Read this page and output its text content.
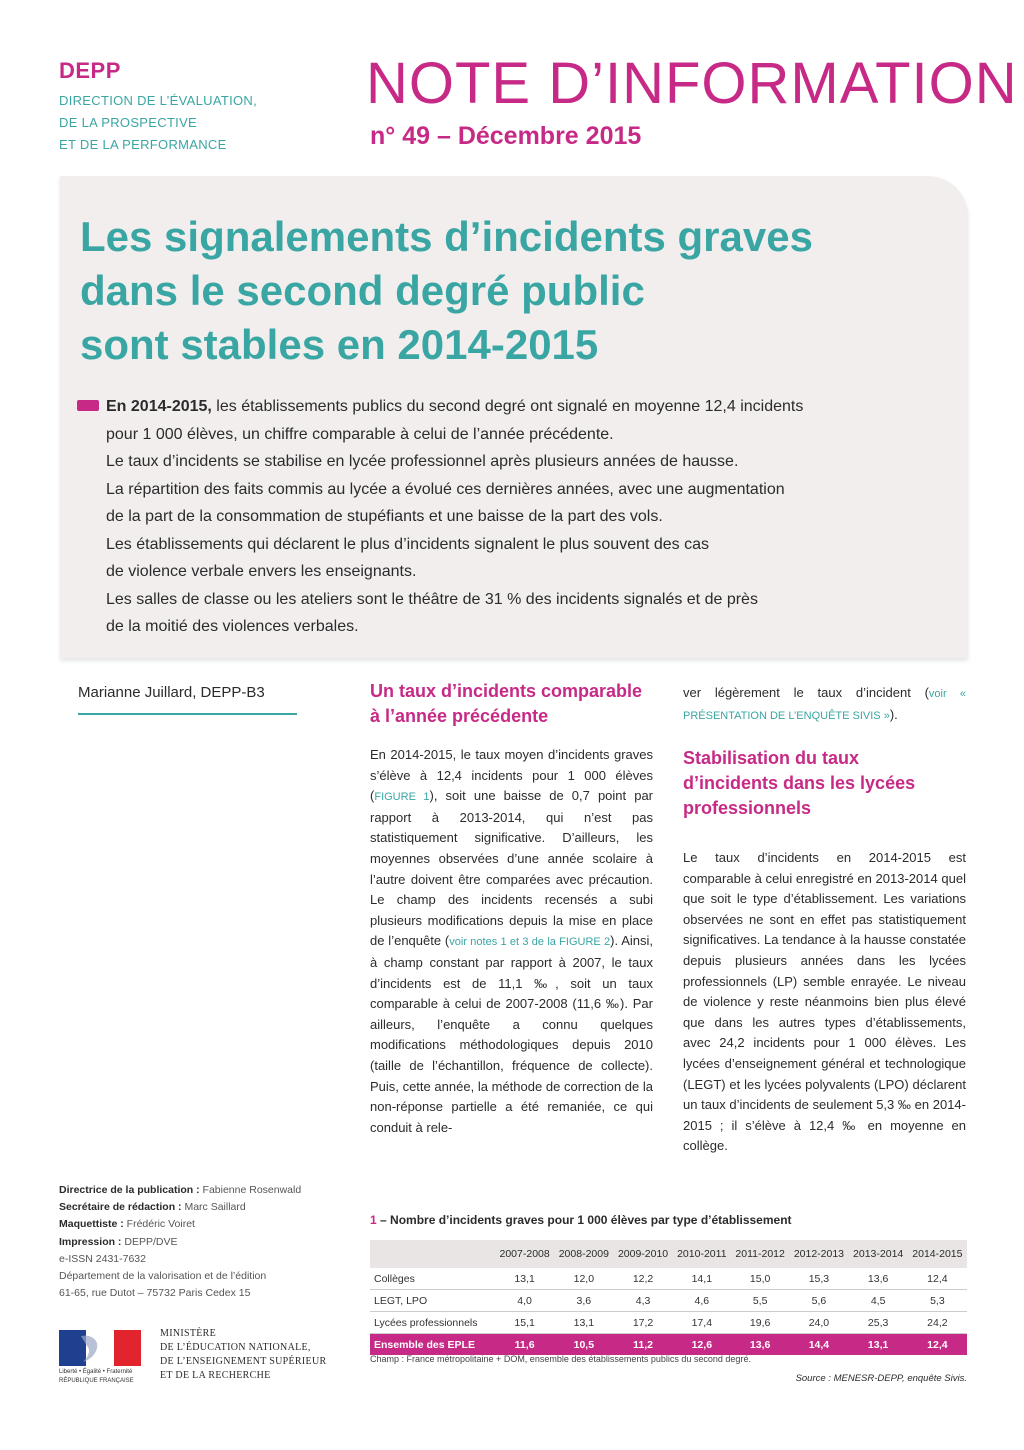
DEPP
DIRECTION DE L’ÉVALUATION,
DE LA PROSPECTIVE
ET DE LA PERFORMANCE
NOTE D’INFORMATION
n° 49 – Décembre 2015
Les signalements d’incidents graves
dans le second degré public
sont stables en 2014-2015

En 2014-2015, les établissements publics du second degré ont signalé en moyenne 12,4 incidents

pour 1 000 élèves, un chiffre comparable à celui de l’année précédente.

Le taux d’incidents se stabilise en lycée professionnel après plusieurs années de hausse.

La répartition des faits commis au lycée a évolué ces dernières années, avec une augmentation

de la part de la consommation de stupéfiants et une baisse de la part des vols.

Les établissements qui déclarent le plus d’incidents signalent le plus souvent des cas

de violence verbale envers les enseignants.

Les salles de classe ou les ateliers sont le théâtre de 31 % des incidents signalés et de près

de la moitié des violences verbales.

Marianne Juillard, DEPP-B3	Un taux d’incidents comparable
à l’année précédente
En 2014-2015, le taux moyen d’incidents graves s’élève à 12,4 incidents pour 1 000 élèves (FIGURE 1), soit une baisse de 0,7 point par rapport à 2013-2014, qui n’est pas statistiquement significative. D’ailleurs, les moyennes observées d’une année scolaire à l’autre doivent être comparées avec précaution. Le champ des incidents recensés a subi plusieurs modifications depuis la mise en place de l’enquête (voir notes 1 et 3 de la FIGURE 2). Ainsi, à champ constant par rapport à 2007, le taux d’incidents est de 11,1 ‰, soit un taux comparable à celui de 2007-2008 (11,6 ‰). Par ailleurs, l’enquête a connu quelques modifications méthodologiques depuis 2010 (taille de l’échantillon, fréquence de collecte). Puis, cette année, la méthode de correction de la non-réponse partielle a été remaniée, ce qui conduit à rele-
ver légèrement le taux d’incident (voir « PRÉSENTATION DE L’ENQUÊTE SIVIS »).
Stabilisation du taux
d’incidents dans les lycées
professionnels
Le taux d’incidents en 2014-2015 est comparable à celui enregistré en 2013-2014 quel que soit le type d’établissement. Les variations observées ne sont en effet pas statistiquement significatives. La tendance à la hausse constatée depuis plusieurs années dans les lycées professionnels (LP) semble enrayée. Le niveau de violence y reste néanmoins bien plus élevé que dans les autres types d’établissements, avec 24,2 incidents pour 1 000 élèves. Les lycées d’enseignement général et technologique (LEGT) et les lycées polyvalents (LPO) déclarent un taux d’incidents de seulement 5,3 ‰ en 2014-2015 ; il s’élève à 12,4 ‰ en moyenne en collège.
Directrice de la publication : Fabienne Rosenwald
Secrétaire de rédaction : Marc Saillard
Maquettiste : Frédéric Voiret
Impression : DEPP/DVE
e-ISSN 2431-7632
Département de la valorisation et de l’édition
61-65, rue Dutot – 75732 Paris Cedex 15
Liberté • Égalité • Fraternité
RÉPUBLIQUE FRANÇAISE
MINISTÈRE
DE L’ÉDUCATION NATIONALE,
DE L’ENSEIGNEMENT SUPÉRIEUR
ET DE LA RECHERCHE
1 – Nombre d’incidents graves pour 1 000 élèves par type d’établissement
	2007-2008	2008-2009	2009-2010	2010-2011	2011-2012	2012-2013	2013-2014	2014-2015
Collèges	13,1	12,0	12,2	14,1	15,0	15,3	13,6	12,4
LEGT, LPO	4,0	3,6	4,3	4,6	5,5	5,6	4,5	5,3
Lycées professionnels	15,1	13,1	17,2	17,4	19,6	24,0	25,3	24,2
Ensemble des EPLE	11,6	10,5	11,2	12,6	13,6	14,4	13,1	12,4
Champ : France métropolitaine + DOM, ensemble des établissements publics du second degré.
Source : MENESR-DEPP, enquête Sivis.
